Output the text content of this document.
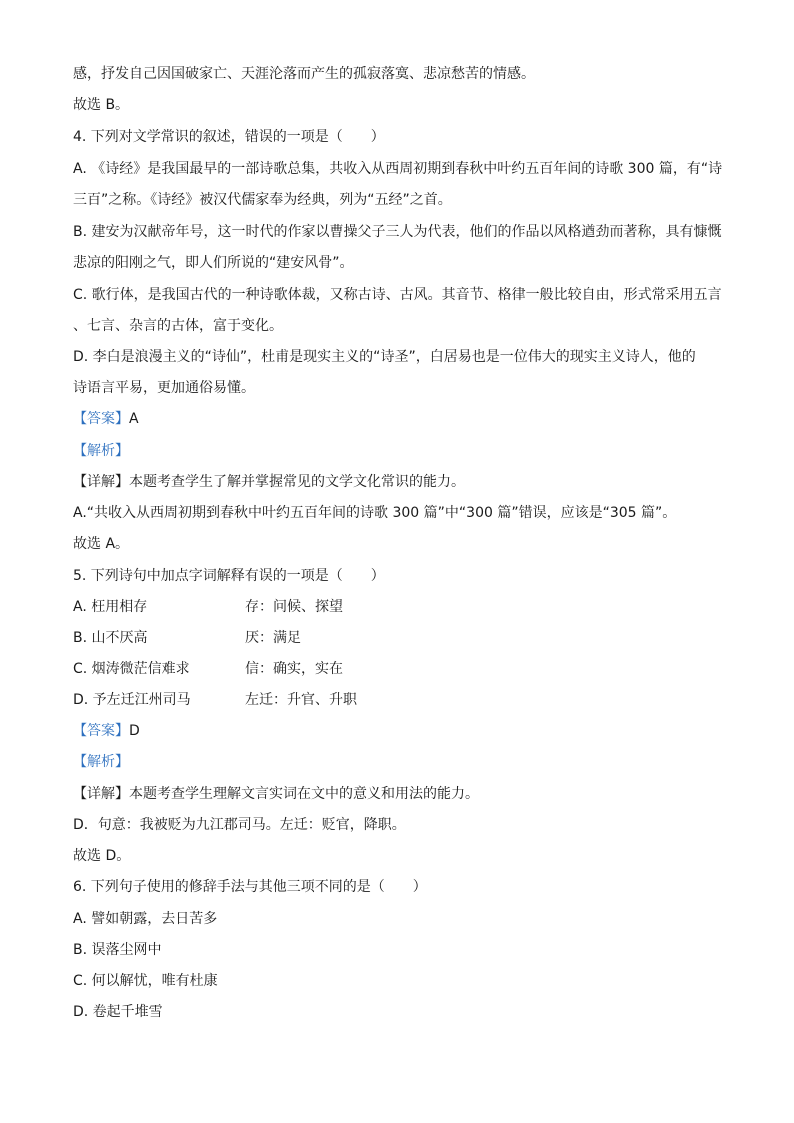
感，抒发自己因国破家亡、天涯沦落而产生的孤寂落寞、悲凉愁苦的情感。
故选 B。
4. 下列对文学常识的叙述，错误的一项是（　　）
A. 《诗经》是我国最早的一部诗歌总集，共收入从西周初期到春秋中叶约五百年间的诗歌 300 篇，有“诗
三百”之称。《诗经》被汉代儒家奉为经典，列为“五经”之首。
B. 建安为汉献帝年号，这一时代的作家以曹操父子三人为代表，他们的作品以风格遒劲而著称，具有慷慨
悲凉的阳刚之气，即人们所说的“建安风骨”。
C. 歌行体，是我国古代的一种诗歌体裁，又称古诗、古风。其音节、格律一般比较自由，形式常采用五言
、七言、杂言的古体，富于变化。
D. 李白是浪漫主义的“诗仙”，杜甫是现实主义的“诗圣”，白居易也是一位伟大的现实主义诗人，他的
诗语言平易，更加通俗易懂。
【答案】A
【解析】
【详解】本题考查学生了解并掌握常见的文学文化常识的能力。
A.“共收入从西周初期到春秋中叶约五百年间的诗歌 300 篇”中“300 篇”错误，应该是“305 篇”。
故选 A。
5. 下列诗句中加点字词解释有误的一项是（　　）
A. 枉用相存	存：问候、探望
B. 山不厌高	厌：满足
C. 烟涛微茫信难求	信：确实，实在
D. 予左迁江州司马	左迁：升官、升职
【答案】D
【解析】
【详解】本题考查学生理解文言实词在文中的意义和用法的能力。
D．句意：我被贬为九江郡司马。左迁：贬官，降职。
故选 D。
6. 下列句子使用的修辞手法与其他三项不同的是（　　）
A. 譬如朝露，去日苦多
B. 误落尘网中
C. 何以解忧，唯有杜康
D. 卷起千堆雪
